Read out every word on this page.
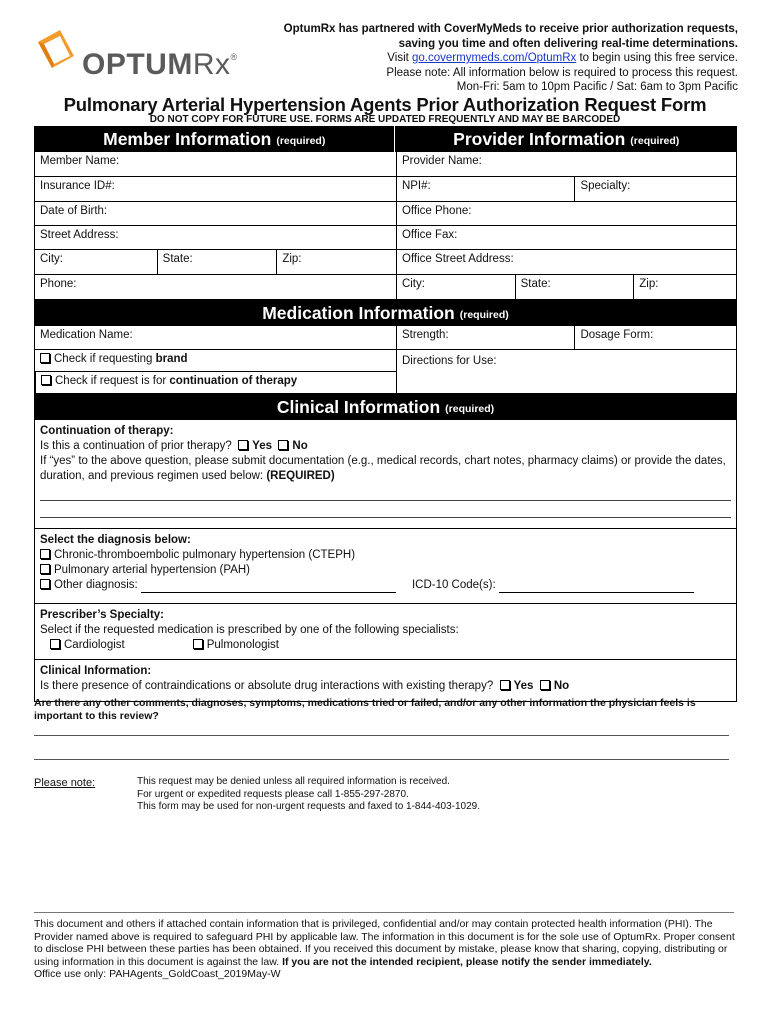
OPTUMRx®
OptumRx has partnered with CoverMyMeds to receive prior authorization requests,
saving you time and often delivering real-time determinations.
Visit go.covermymeds.com/OptumRx to begin using this free service.
Please note: All information below is required to process this request.
Mon-Fri: 5am to 10pm Pacific / Sat: 6am to 3pm Pacific
Pulmonary Arterial Hypertension Agents Prior Authorization Request Form
DO NOT COPY FOR FUTURE USE. FORMS ARE UPDATED FREQUENTLY AND MAY BE BARCODED
Member Information (required)	Provider Information (required)
Member Name:	Provider Name:
Insurance ID#:	NPI#:	Specialty:
Date of Birth:	Office Phone:
Street Address:	Office Fax:
City:	State:	Zip:	Office Street Address:
Phone:	City:	State:	Zip:
Medication Information (required)
Medication Name:	Strength:	Dosage Form:
Check if requesting brand
Check if request is for continuation of therapy
Directions for Use:
Clinical Information (required)
Continuation of therapy:
Is this a continuation of prior therapy? Yes No
If “yes” to the above question, please submit documentation (e.g., medical records, chart notes, pharmacy claims) or provide the dates, duration, and previous regimen used below: (REQUIRED)
Select the diagnosis below:
Chronic-thromboembolic pulmonary hypertension (CTEPH)
Pulmonary arterial hypertension (PAH)
Other diagnosis:	ICD-10 Code(s):
Prescriber’s Specialty:
Select if the requested medication is prescribed by one of the following specialists:
Cardiologist	Pulmonologist
Clinical Information:
Is there presence of contraindications or absolute drug interactions with existing therapy? Yes No
Are there any other comments, diagnoses, symptoms, medications tried or failed, and/or any other information the physician feels is important to this review?
Please note:	This request may be denied unless all required information is received.
For urgent or expedited requests please call 1-855-297-2870.
This form may be used for non-urgent requests and faxed to 1-844-403-1029.
This document and others if attached contain information that is privileged, confidential and/or may contain protected health information (PHI). The Provider named above is required to safeguard PHI by applicable law. The information in this document is for the sole use of OptumRx. Proper consent to disclose PHI between these parties has been obtained. If you received this document by mistake, please know that sharing, copying, distributing or using information in this document is against the law. If you are not the intended recipient, please notify the sender immediately.
Office use only: PAHAgents_GoldCoast_2019May-W
